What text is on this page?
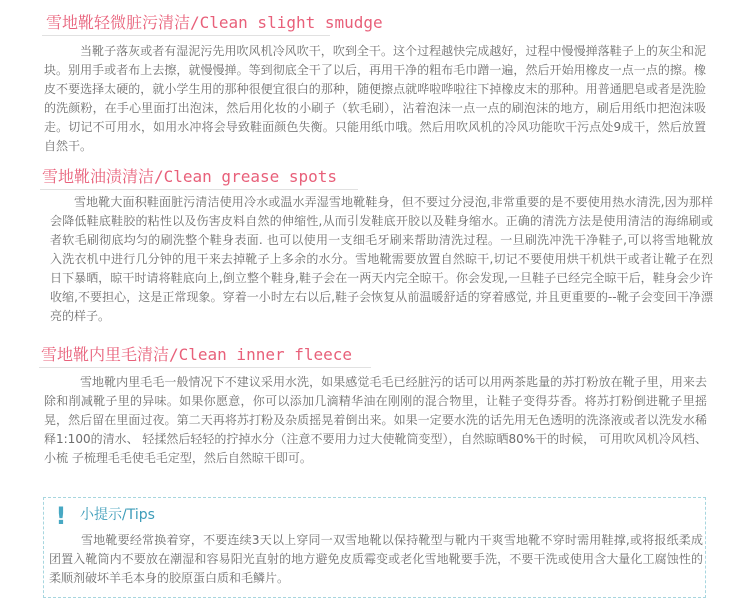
雪地靴轻微脏污清洁/Clean slight smudge
当靴子落灰或者有湿泥污先用吹风机冷风吹干，吹到全干。这个过程越快完成越好，过程中慢慢掸落鞋子上的灰尘和泥块。别用手或者布上去擦，就慢慢掸。等到彻底全干了以后，再用干净的粗布毛巾蹭一遍，然后开始用橡皮一点一点的擦。橡皮不要选择太硬的，就小学生用的那种很便宜很白的那种，随便擦点就哗啦哗啦往下掉橡皮末的那种。用普通肥皂或者是洗脸的洗颜粉，在手心里面打出泡沫，然后用化妆的小刷子（软毛刷），沾着泡沫一点一点的刷泡沫的地方，刷后用纸巾把泡沫吸走。切记不可用水，如用水冲将会导致鞋面颜色失衡。只能用纸巾哦。然后用吹风机的冷风功能吹干污点处9成干，然后放置自然干。
雪地靴油渍清洁/Clean grease spots
雪地靴大面积鞋面脏污清洁使用冷水或温水弄湿雪地靴鞋身，但不要过分浸泡,非常重要的是不要使用热水清洗,因为那样会降低鞋底鞋胶的粘性以及伤害皮料自然的伸缩性,从而引发鞋底开胶以及鞋身缩水。正确的清洗方法是使用清洁的海绵刷或者软毛刷彻底均匀的刷洗整个鞋身表面. 也可以使用一支细毛牙刷来帮助清洗过程。一旦刷洗冲洗干净鞋子,可以将雪地靴放 入洗衣机中进行几分钟的甩干来去掉靴子上多余的水分。雪地靴需要放置自然晾干,切记不要使用烘干机烘干或者让靴子在烈日下暴晒，晾干时请将鞋底向上,倒立整个鞋身,鞋子会在一两天内完全晾干。你会发现,一旦鞋子已经完全晾干后，鞋身会少许收缩,不要担心，这是正常现象。穿着一小时左右以后,鞋子会恢复从前温暖舒适的穿着感觉, 并且更重要的--靴子会变回干净漂亮的样子。
雪地靴内里毛清洁/Clean inner fleece
雪地靴内里毛毛一般情况下不建议采用水洗，如果感觉毛毛已经脏污的话可以用两茶匙量的苏打粉放在靴子里，用来去除和削减靴子里的异味。如果你愿意，你可以添加几滴精华油在刚刚的混合物里，让鞋子变得芬香。将苏打粉倒进靴子里摇晃，然后留在里面过夜。第二天再将苏打粉及杂质摇晃着倒出来。如果一定要水洗的话先用无色透明的洗涤液或者以洗发水稀释1:100的清水、 轻揉然后轻轻的拧掉水分（注意不要用力过大使靴筒变型），自然晾晒80%干的时候， 可用吹风机冷风档、 小梳 子梳理毛毛使毛毛定型，然后自然晾干即可。
! 小提示/Tips
雪地靴要经常换着穿，不要连续3天以上穿同一双雪地靴以保持靴型与靴内干爽雪地靴不穿时需用鞋撑,或将报纸柔成团置入靴筒内不要放在潮湿和容易阳光直射的地方避免皮质霉变或老化雪地靴要手洗，不要干洗或使用含大量化工腐蚀性的柔顺剂破坏羊毛本身的胶原蛋白质和毛鳞片。
